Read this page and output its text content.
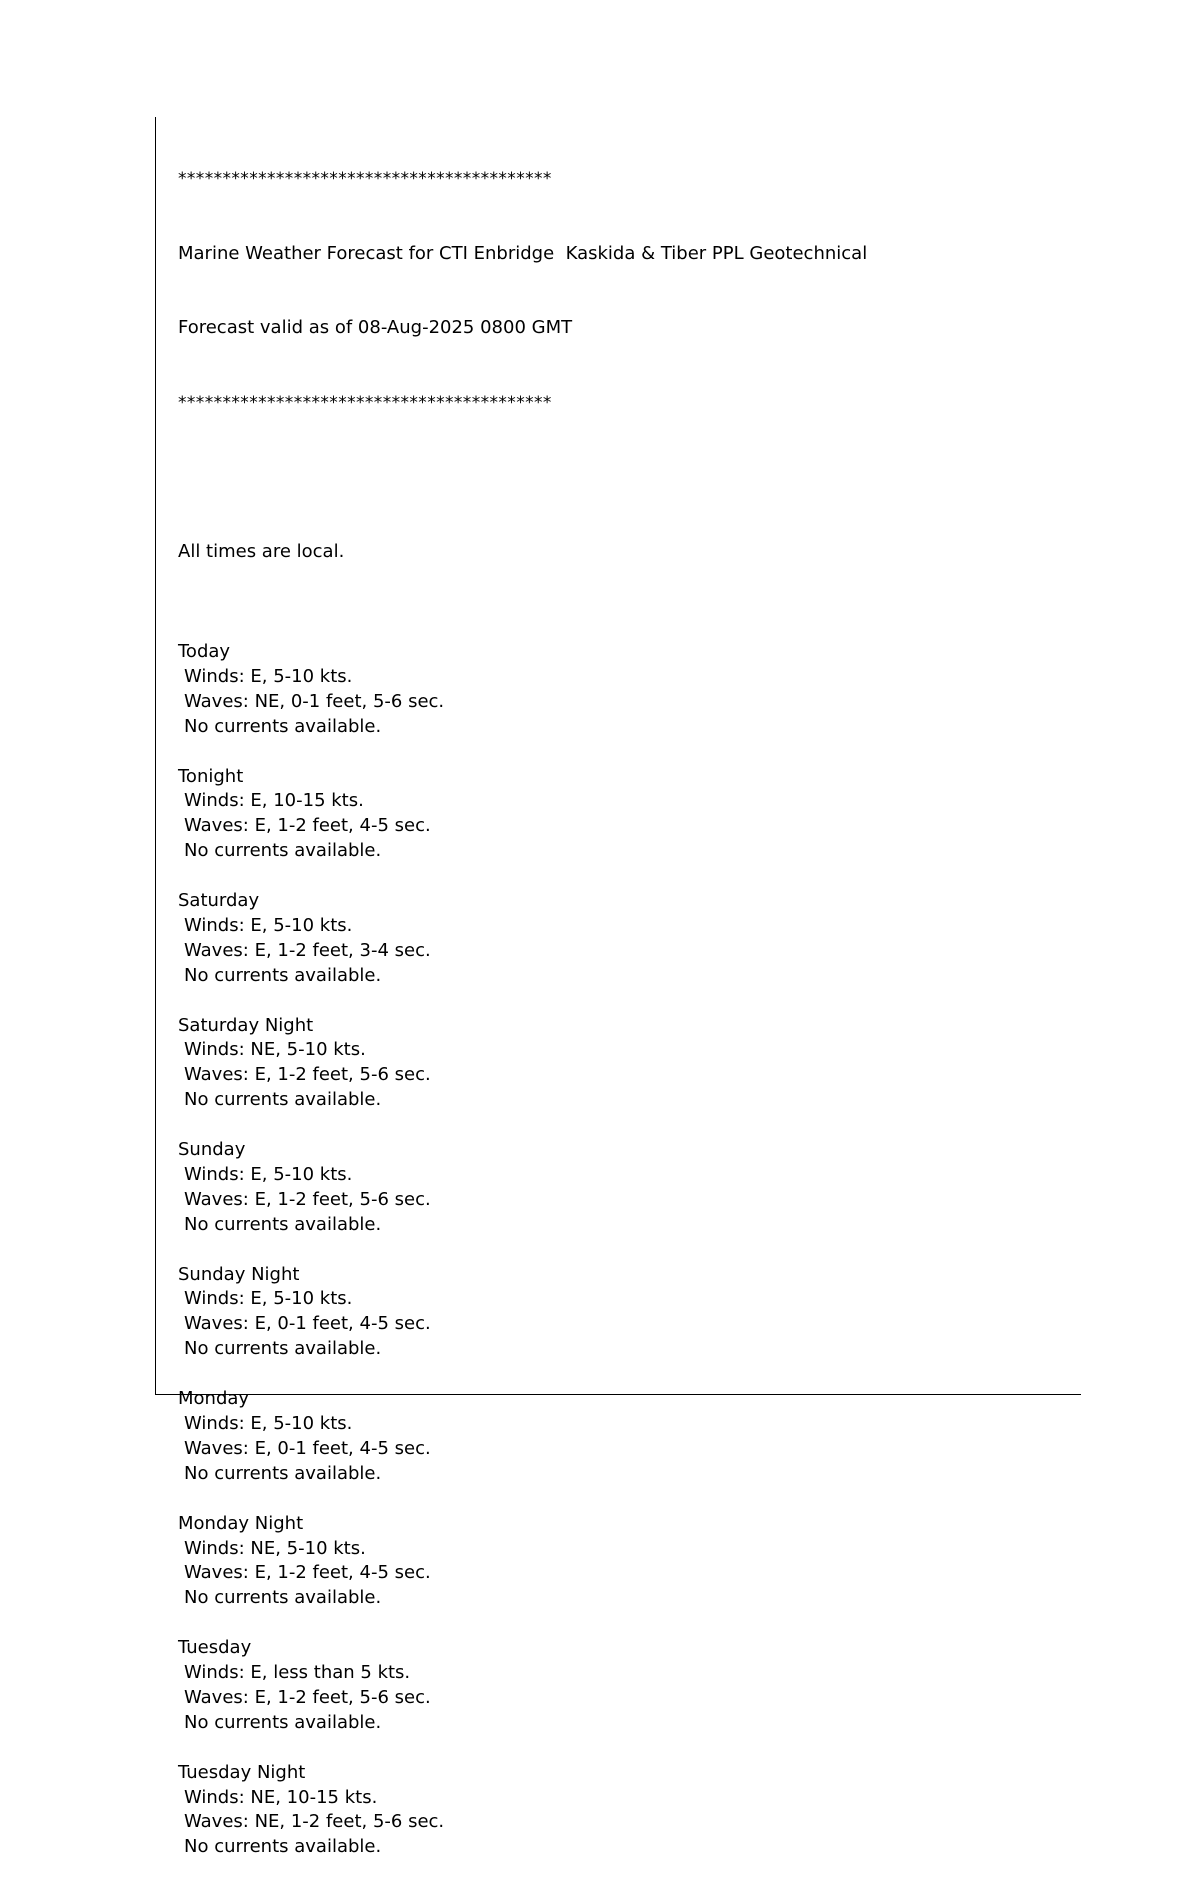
******************************************

Marine Weather Forecast for CTI Enbridge  Kaskida & Tiber PPL Geotechnical

Forecast valid as of 08-Aug-2025 0800 GMT

******************************************

All times are local.

Today
Winds: E, 5-10 kts.
Waves: NE, 0-1 feet, 5-6 sec.
No currents available.
Tonight
Winds: E, 10-15 kts.
Waves: E, 1-2 feet, 4-5 sec.
No currents available.
Saturday
Winds: E, 5-10 kts.
Waves: E, 1-2 feet, 3-4 sec.
No currents available.
Saturday Night
Winds: NE, 5-10 kts.
Waves: E, 1-2 feet, 5-6 sec.
No currents available.
Sunday
Winds: E, 5-10 kts.
Waves: E, 1-2 feet, 5-6 sec.
No currents available.
Sunday Night
Winds: E, 5-10 kts.
Waves: E, 0-1 feet, 4-5 sec.
No currents available.
Monday
Winds: E, 5-10 kts.
Waves: E, 0-1 feet, 4-5 sec.
No currents available.
Monday Night
Winds: NE, 5-10 kts.
Waves: E, 1-2 feet, 4-5 sec.
No currents available.
Tuesday
Winds: E, less than 5 kts.
Waves: E, 1-2 feet, 5-6 sec.
No currents available.
Tuesday Night
Winds: NE, 10-15 kts.
Waves: NE, 1-2 feet, 5-6 sec.
No currents available.
